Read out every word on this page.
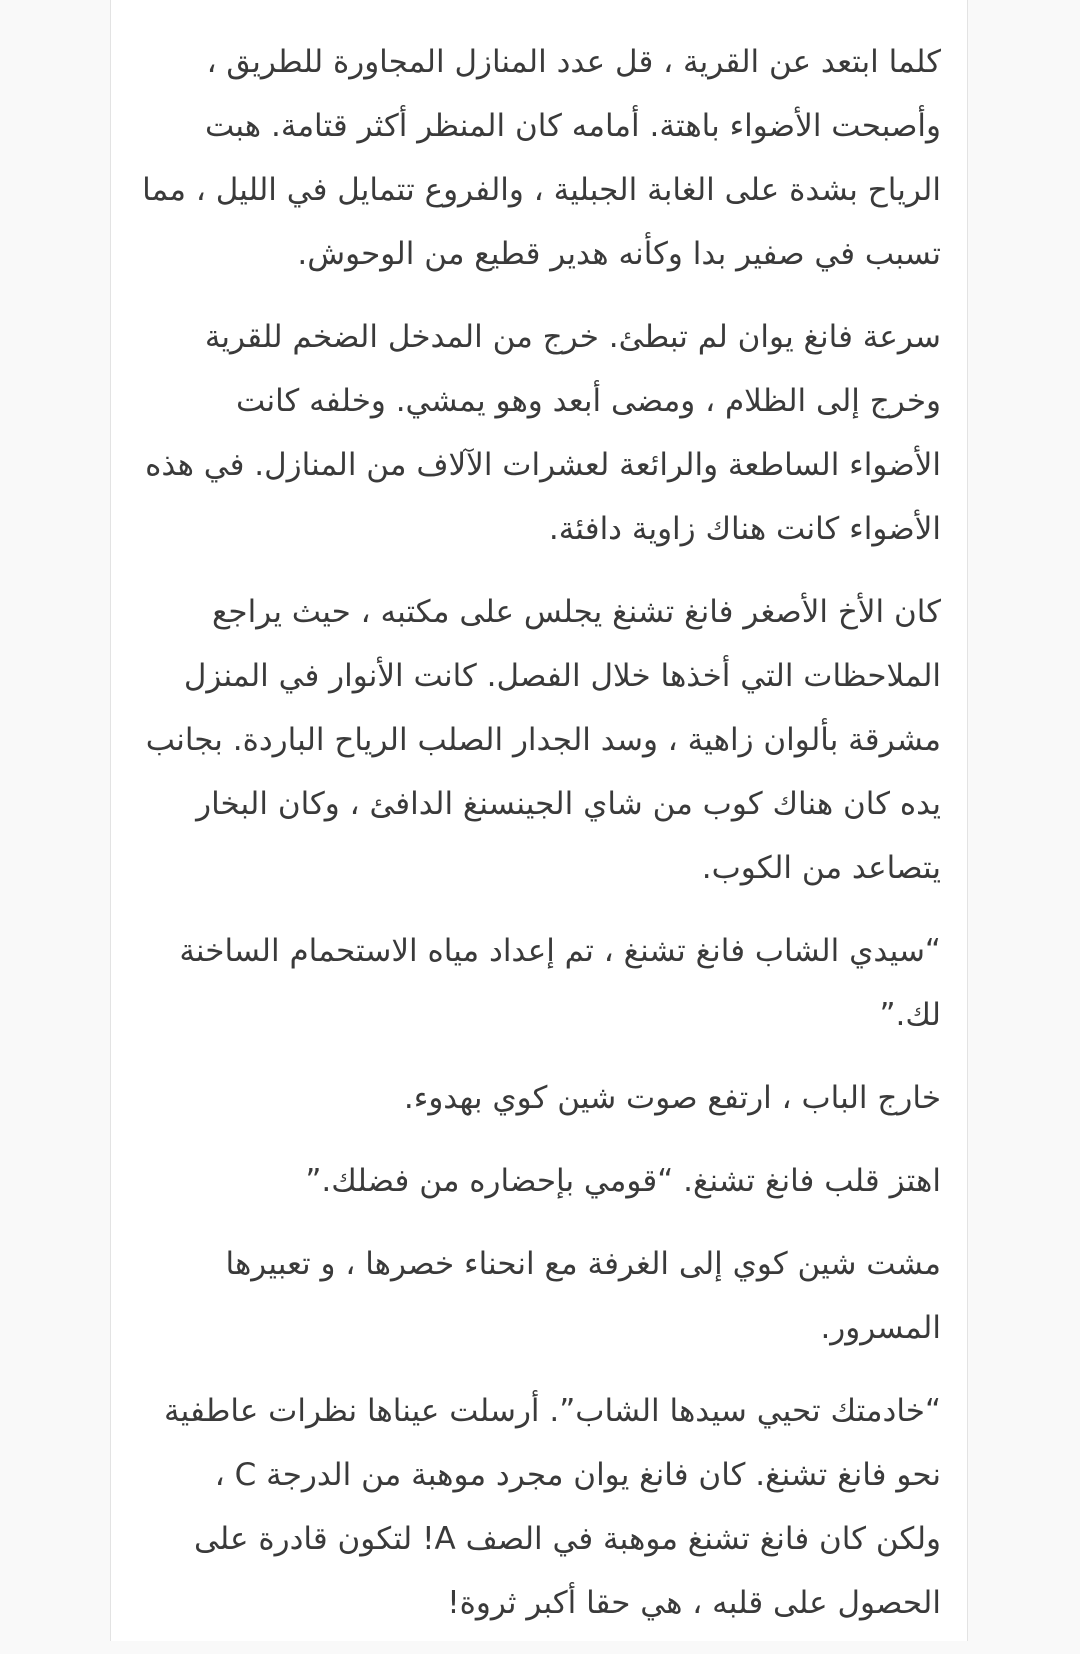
كلما ابتعد عن القرية ، قل عدد المنازل المجاورة للطريق ، وأصبحت الأضواء باهتة. أمامه كان المنظر أكثر قتامة. هبت الرياح بشدة على الغابة الجبلية ، والفروع تتمايل في الليل ، مما تسبب في صفير بدا وكأنه هدير قطيع من الوحوش.

سرعة فانغ يوان لم تبطئ. خرج من المدخل الضخم للقرية وخرج إلى الظلام ، ومضى أبعد وهو يمشي. وخلفه كانت الأضواء الساطعة والرائعة لعشرات الآلاف من المنازل. في هذه الأضواء كانت هناك زاوية دافئة.

كان الأخ الأصغر فانغ تشنغ يجلس على مكتبه ، حيث يراجع الملاحظات التي أخذها خلال الفصل. كانت الأنوار في المنزل مشرقة بألوان زاهية ، وسد الجدار الصلب الرياح الباردة. بجانب يده كان هناك كوب من شاي الجينسنغ الدافئ ، وكان البخار يتصاعد من الكوب.

“سيدي الشاب فانغ تشنغ ، تم إعداد مياه الاستحمام الساخنة لك.”

خارج الباب ، ارتفع صوت شين كوي بهدوء.

اهتز قلب فانغ تشنغ. “قومي بإحضاره من فضلك.”

مشت شين كوي إلى الغرفة مع انحناء خصرها ، و تعبيرها المسرور.

“خادمتك تحيي سيدها الشاب”. أرسلت عيناها نظرات عاطفية نحو فانغ تشنغ. كان فانغ يوان مجرد موهبة من الدرجة C ، ولكن كان فانغ تشنغ موهبة في الصف A! لتكون قادرة على الحصول على قلبه ، هي حقا أكبر ثروة!
